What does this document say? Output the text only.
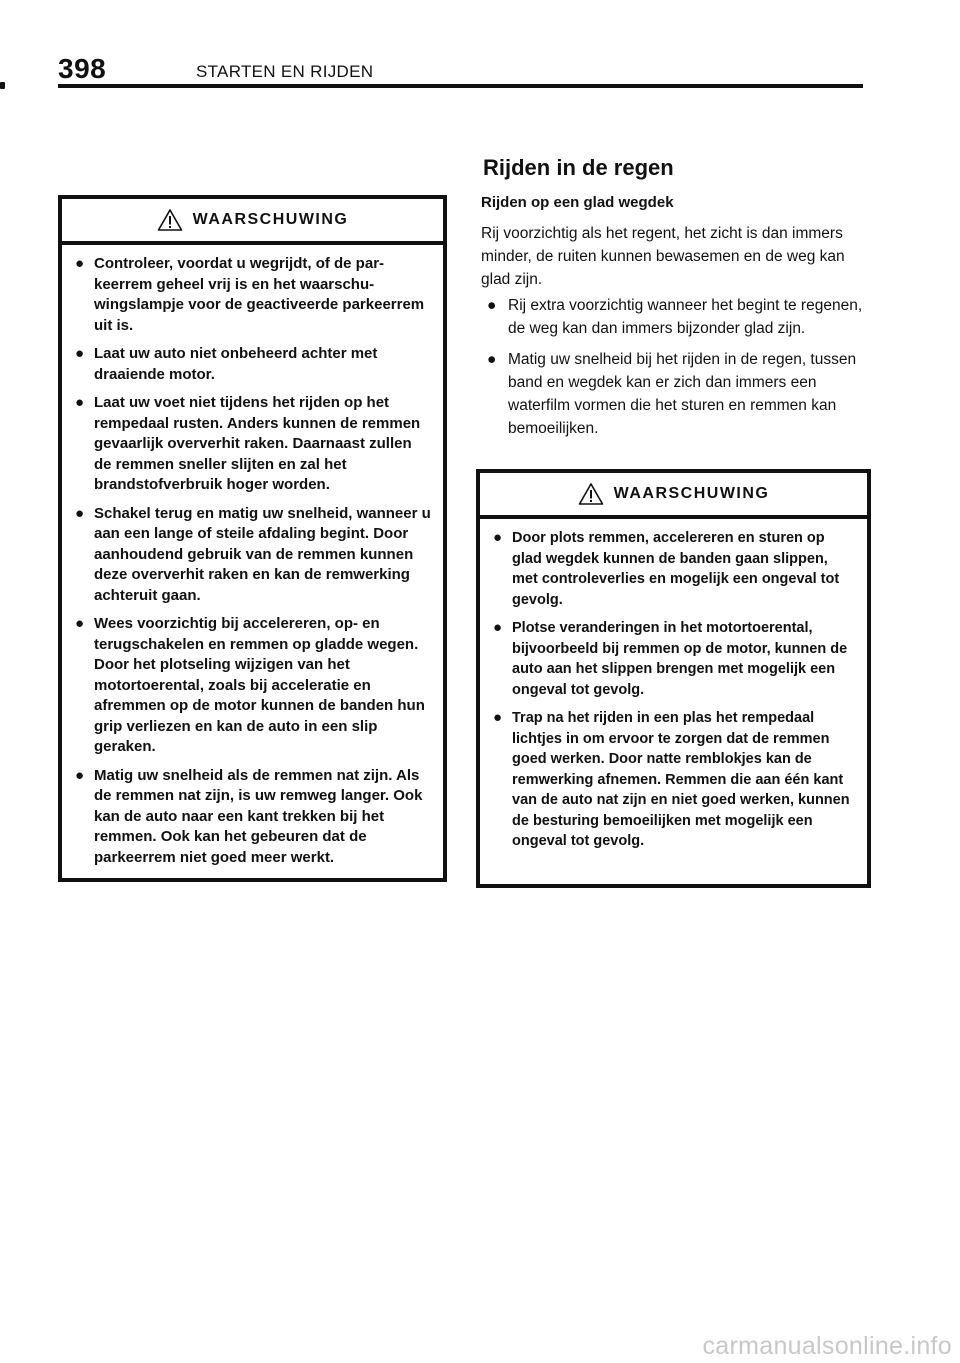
398	STARTEN EN RIJDEN
WAARSCHUWING
● Controleer, voordat u wegrijdt, of de parkeerrem geheel vrij is en het waarschuwingslampje voor de geactiveerde parkeerrem uit is.
● Laat uw auto niet onbeheerd achter met draaiende motor.
● Laat uw voet niet tijdens het rijden op het rempedaal rusten. Anders kunnen de remmen gevaarlijk oververhit raken. Daarnaast zullen de remmen sneller slijten en zal het brandstofverbruik hoger worden.
● Schakel terug en matig uw snelheid, wanneer u aan een lange of steile afdaling begint. Door aanhoudend gebruik van de remmen kunnen deze oververhit raken en kan de remwerking achteruit gaan.
● Wees voorzichtig bij accelereren, op- en terugschakelen en remmen op gladde wegen. Door het plotseling wijzigen van het motortoerental, zoals bij acceleratie en afremmen op de motor kunnen de banden hun grip verliezen en kan de auto in een slip geraken.
● Matig uw snelheid als de remmen nat zijn. Als de remmen nat zijn, is uw remweg langer. Ook kan de auto naar een kant trekken bij het remmen. Ook kan het gebeuren dat de parkeerrem niet goed meer werkt.
Rijden in de regen
Rijden op een glad wegdek

Rij voorzichtig als het regent, het zicht is dan immers minder, de ruiten kunnen bewasemen en de weg kan glad zijn.

● Rij extra voorzichtig wanneer het begint te regenen, de weg kan dan immers bijzonder glad zijn.
● Matig uw snelheid bij het rijden in de regen, tussen band en wegdek kan er zich dan immers een waterfilm vormen die het sturen en remmen kan bemoeilijken.
WAARSCHUWING
● Door plots remmen, accelereren en sturen op glad wegdek kunnen de banden gaan slippen, met controleverlies en mogelijk een ongeval tot gevolg.
● Plotse veranderingen in het motortoerental, bijvoorbeeld bij remmen op de motor, kunnen de auto aan het slippen brengen met mogelijk een ongeval tot gevolg.
● Trap na het rijden in een plas het rempedaal lichtjes in om ervoor te zorgen dat de remmen goed werken. Door natte remblokjes kan de remwerking afnemen. Remmen die aan één kant van de auto nat zijn en niet goed werken, kunnen de besturing bemoeilijken met mogelijk een ongeval tot gevolg.
carmanualsonline.info
